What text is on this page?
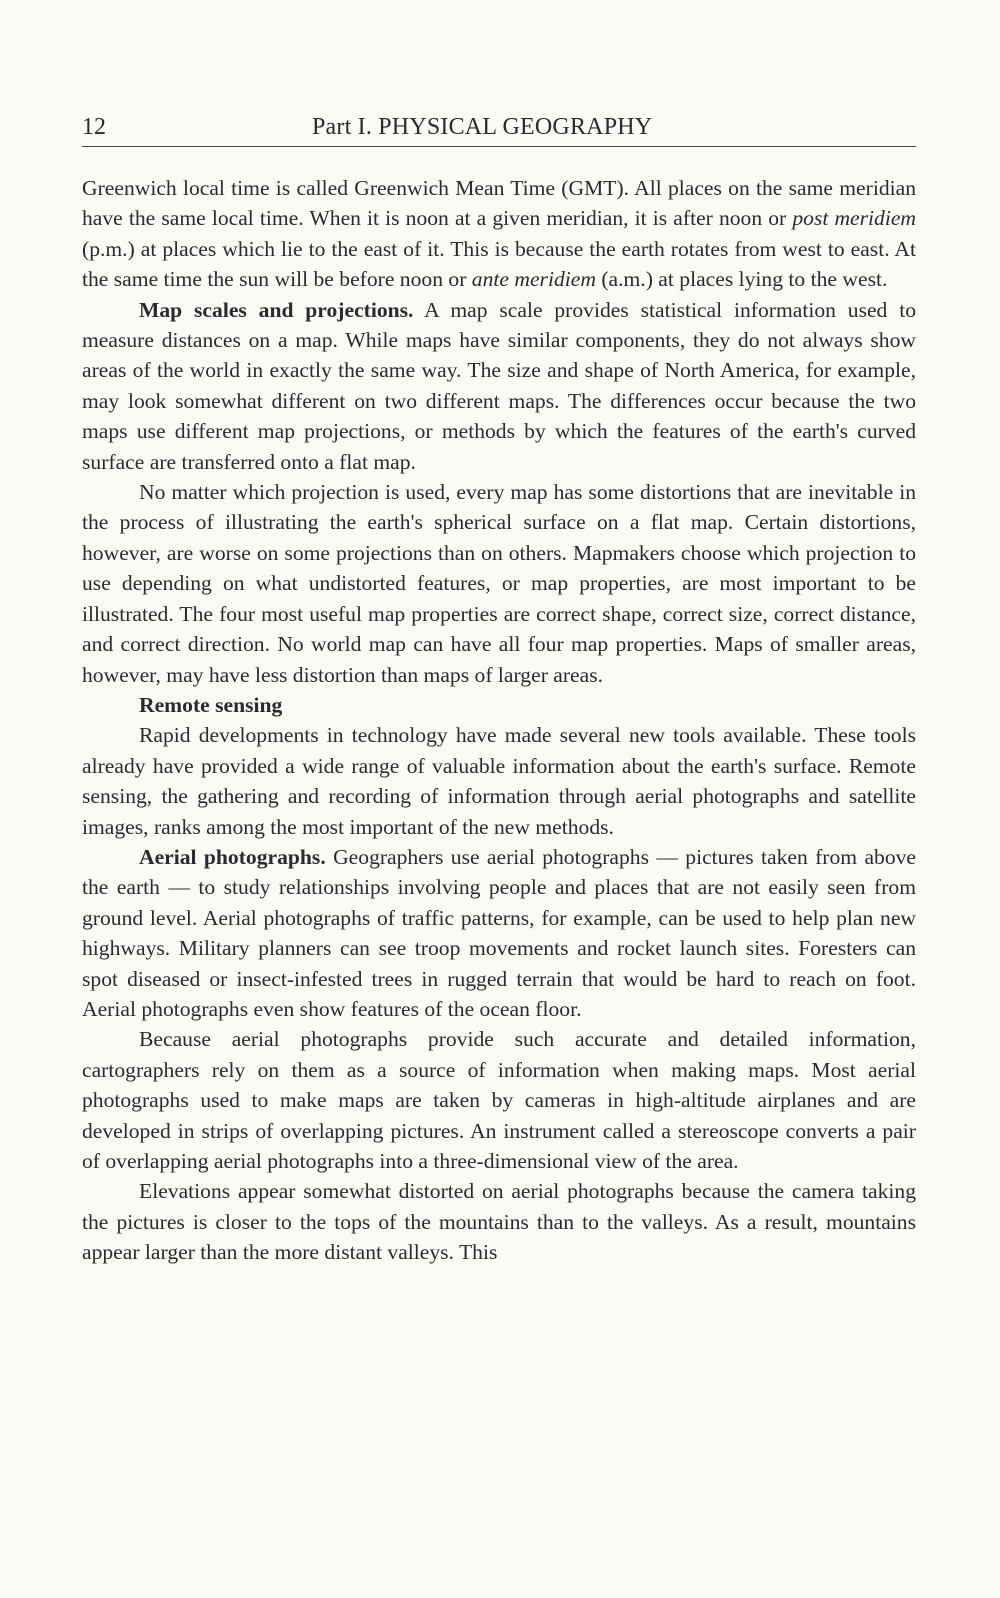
12	Part I. PHYSICAL GEOGRAPHY

Greenwich local time is called Greenwich Mean Time (GMT). All places on the same meridian have the same local time. When it is noon at a given meridian, it is after noon or post meridiem (p.m.) at places which lie to the east of it. This is because the earth rotates from west to east. At the same time the sun will be before noon or ante meridiem (a.m.) at places lying to the west.

Map scales and projections. A map scale provides statistical information used to measure distances on a map. While maps have similar components, they do not always show areas of the world in exactly the same way. The size and shape of North America, for example, may look somewhat different on two different maps. The differences occur because the two maps use different map projections, or methods by which the features of the earth's curved surface are transferred onto a flat map.

No matter which projection is used, every map has some distortions that are inevitable in the process of illustrating the earth's spherical surface on a flat map. Certain distortions, however, are worse on some projections than on others. Mapmakers choose which projection to use depending on what undistorted features, or map properties, are most important to be illustrated. The four most useful map properties are correct shape, correct size, correct distance, and correct direction. No world map can have all four map properties. Maps of smaller areas, however, may have less distortion than maps of larger areas.

Remote sensing

Rapid developments in technology have made several new tools available. These tools already have provided a wide range of valuable information about the earth's surface. Remote sensing, the gathering and recording of information through aerial photographs and satellite images, ranks among the most important of the new methods.

Aerial photographs. Geographers use aerial photographs — pictures taken from above the earth — to study relationships involving people and places that are not easily seen from ground level. Aerial photographs of traffic patterns, for example, can be used to help plan new highways. Military planners can see troop movements and rocket launch sites. Foresters can spot diseased or insect-infested trees in rugged terrain that would be hard to reach on foot. Aerial photographs even show features of the ocean floor.

Because aerial photographs provide such accurate and detailed information, cartographers rely on them as a source of information when making maps. Most aerial photographs used to make maps are taken by cameras in high-altitude airplanes and are developed in strips of overlapping pictures. An instrument called a stereoscope converts a pair of overlapping aerial photographs into a three-dimensional view of the area.

Elevations appear somewhat distorted on aerial photographs because the camera taking the pictures is closer to the tops of the mountains than to the valleys. As a result, mountains appear larger than the more distant valleys. This
